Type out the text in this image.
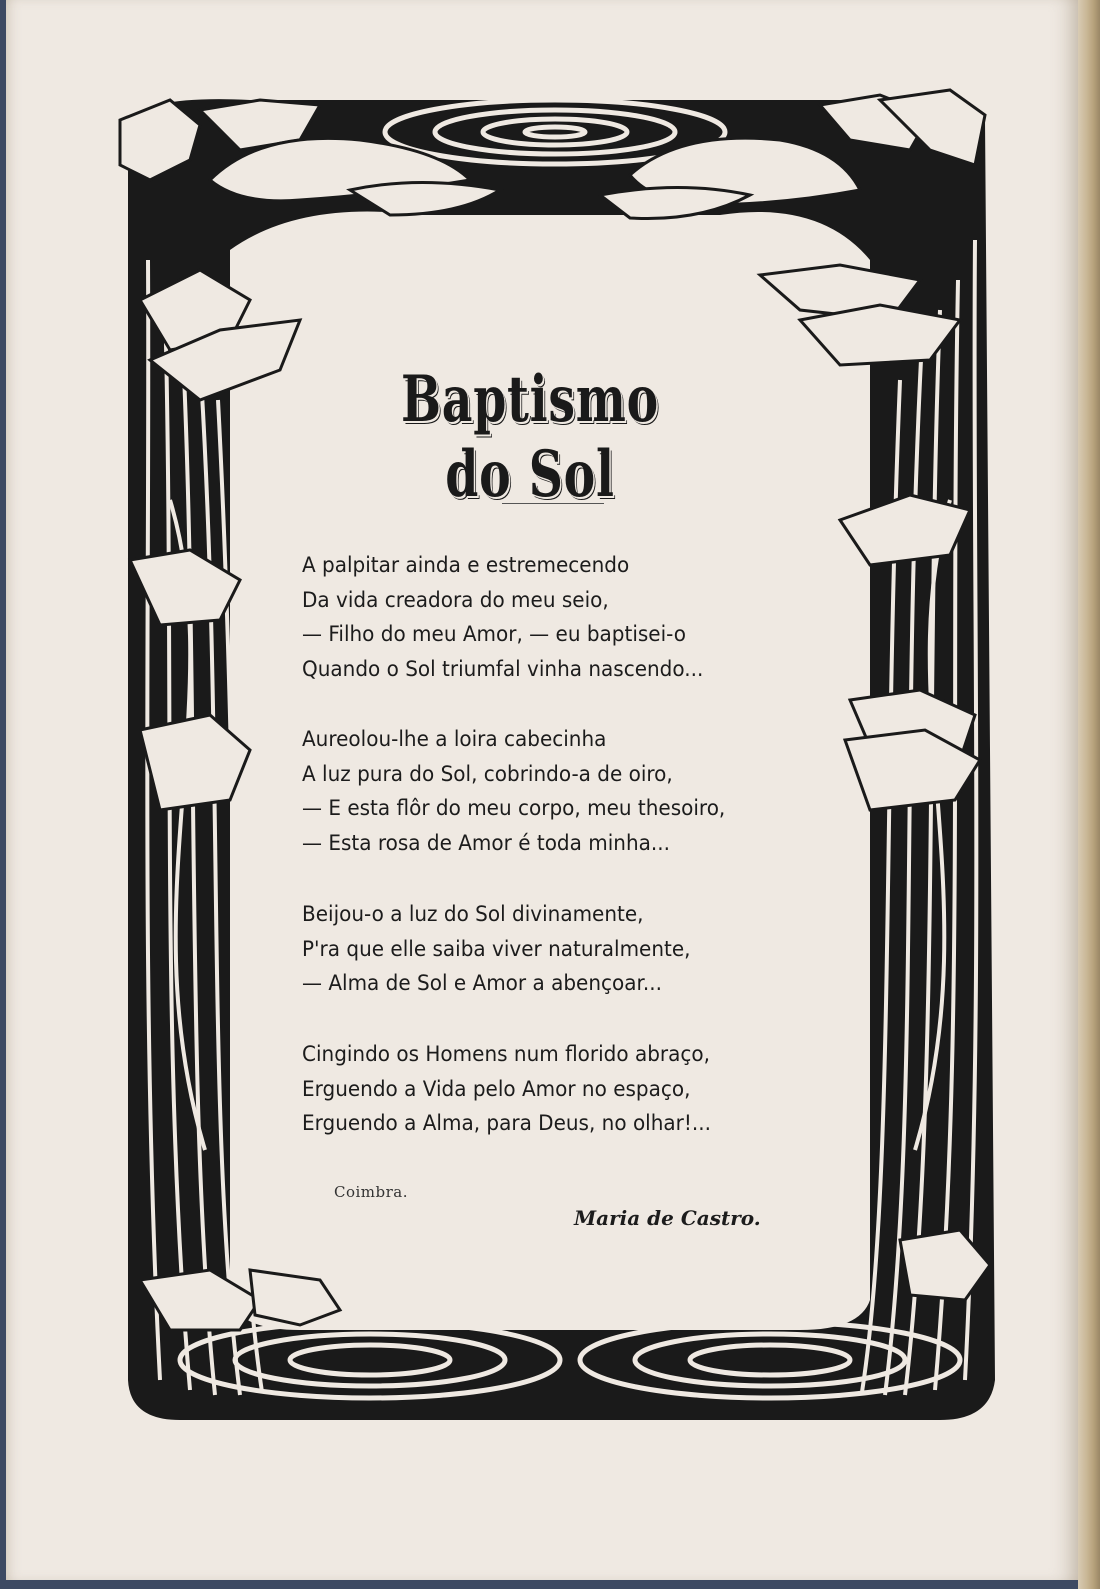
Baptismo do Sol
A palpitar ainda e estremecendo
Da vida creadora do meu seio,
— Filho do meu Amor, — eu baptisei-o
Quando o Sol triumfal vinha nascendo...
Aureolou-lhe a loira cabecinha
A luz pura do Sol, cobrindo-a de oiro,
— E esta flôr do meu corpo, meu thesoiro,
— Esta rosa de Amor é toda minha...
Beijou-o a luz do Sol divinamente,
P'ra que elle saiba viver naturalmente,
— Alma de Sol e Amor a abençoar...
Cingindo os Homens num florido abraço,
Erguendo a Vida pelo Amor no espaço,
Erguendo a Alma, para Deus, no olhar!...
Coimbra.
Maria de Castro.
